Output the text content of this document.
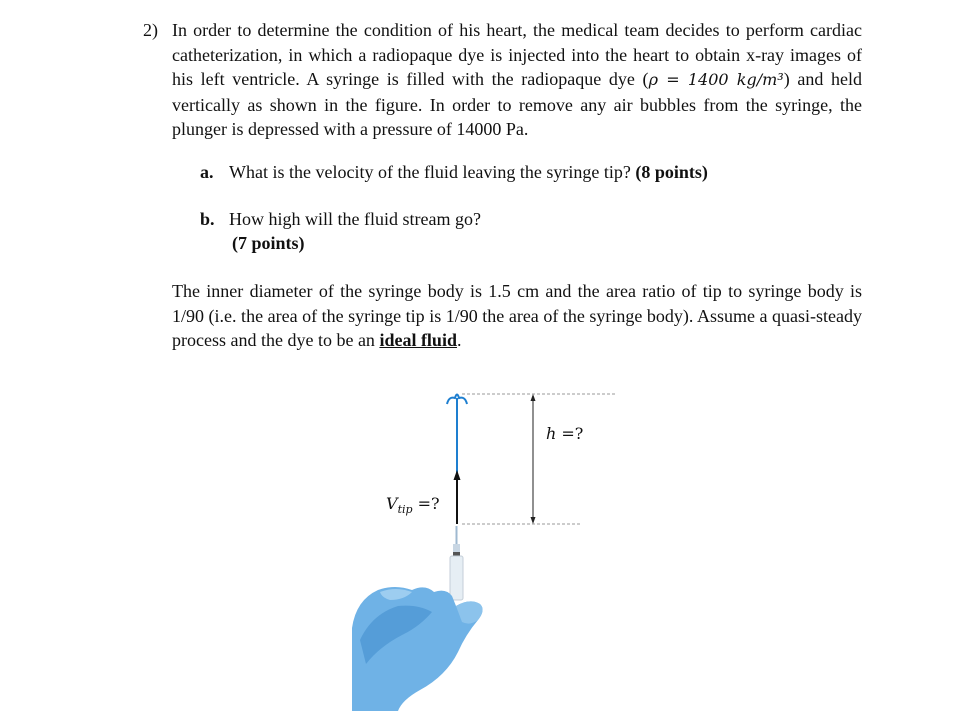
2) In order to determine the condition of his heart, the medical team decides to perform cardiac catheterization, in which a radiopaque dye is injected into the heart to obtain x-ray images of his left ventricle. A syringe is filled with the radiopaque dye (ρ = 1400 kg/m³) and held vertically as shown in the figure. In order to remove any air bubbles from the syringe, the plunger is depressed with a pressure of 14000 Pa.
a. What is the velocity of the fluid leaving the syringe tip? (8 points)
b. How high will the fluid stream go?
(7 points)
The inner diameter of the syringe body is 1.5 cm and the area ratio of tip to syringe body is 1/90 (i.e. the area of the syringe tip is 1/90 the area of the syringe body). Assume a quasi-steady process and the dye to be an ideal fluid.
$V_{tip}$ =?
h =?
